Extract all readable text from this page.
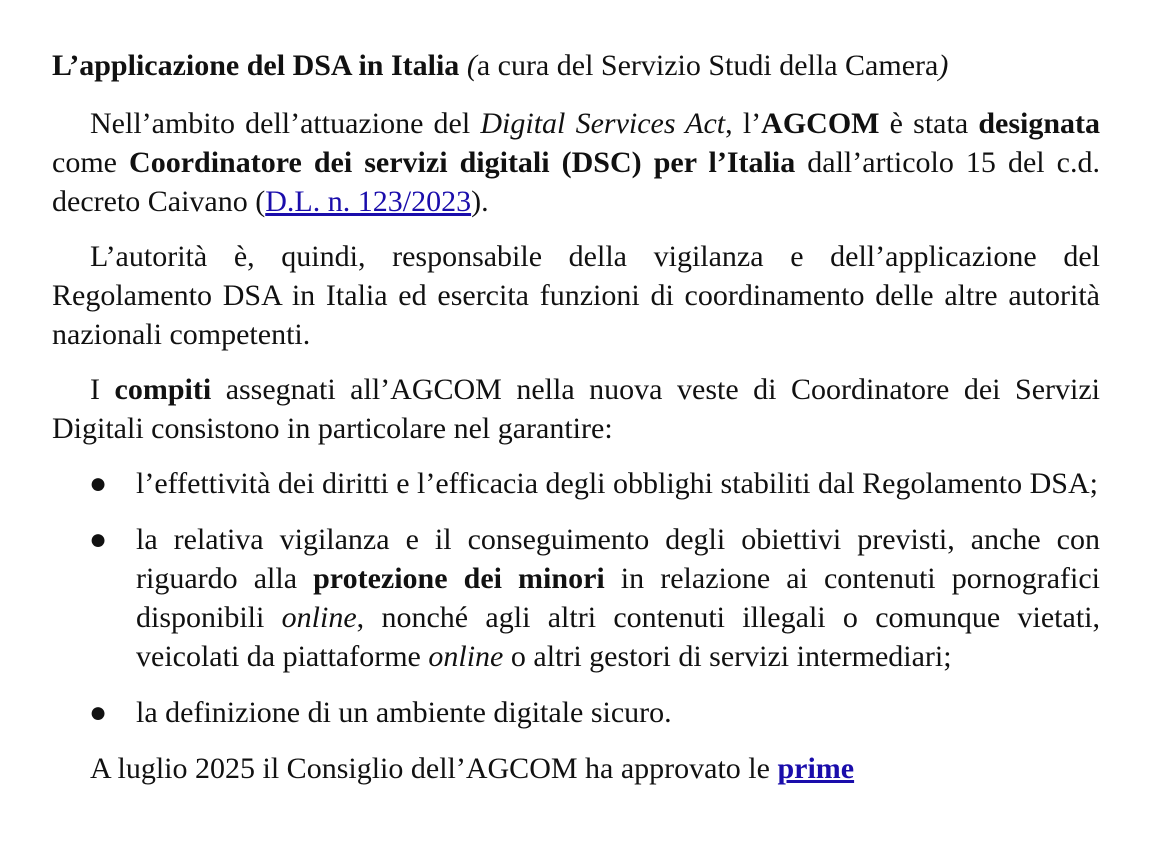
L’applicazione del DSA in Italia (a cura del Servizio Studi della Camera)

Nell’ambito dell’attuazione del Digital Services Act, l’AGCOM è stata designata come Coordinatore dei servizi digitali (DSC) per l’Italia dall’articolo 15 del c.d. decreto Caivano (D.L. n. 123/2023).

L’autorità è, quindi, responsabile della vigilanza e dell’applicazione del Regolamento DSA in Italia ed esercita funzioni di coordinamento delle altre autorità nazionali competenti.

I compiti assegnati all’AGCOM nella nuova veste di Coordinatore dei Servizi Digitali consistono in particolare nel garantire:

● l’effettività dei diritti e l’efficacia degli obblighi stabiliti dal Regolamento DSA;
● la relativa vigilanza e il conseguimento degli obiettivi previsti, anche con riguardo alla protezione dei minori in relazione ai contenuti pornografici disponibili online, nonché agli altri contenuti illegali o comunque vietati, veicolati da piattaforme online o altri gestori di servizi intermediari;
● la definizione di un ambiente digitale sicuro.

A luglio 2025 il Consiglio dell’AGCOM ha approvato le prime
